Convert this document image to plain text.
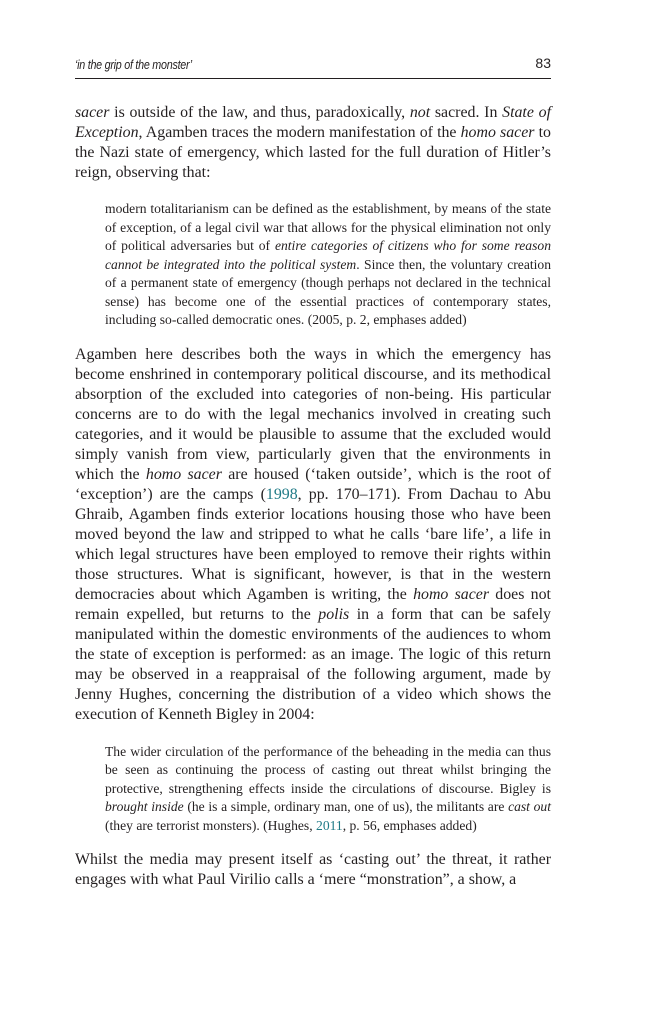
‘in the grip of the monster’	83

sacer is outside of the law, and thus, paradoxically, not sacred. In State of Exception, Agamben traces the modern manifestation of the homo sacer to the Nazi state of emergency, which lasted for the full duration of Hitler’s reign, observing that:

modern totalitarianism can be defined as the establishment, by means of the state of exception, of a legal civil war that allows for the physical elimination not only of political adversaries but of entire categories of citizens who for some reason cannot be integrated into the political system. Since then, the voluntary creation of a permanent state of emergency (though perhaps not declared in the technical sense) has become one of the essential practices of contemporary states, including so-called democratic ones. (2005, p. 2, emphases added)

Agamben here describes both the ways in which the emergency has become enshrined in contemporary political discourse, and its methodical absorption of the excluded into categories of non-being. His particular concerns are to do with the legal mechanics involved in creating such categories, and it would be plausible to assume that the excluded would simply vanish from view, particularly given that the environments in which the homo sacer are housed (‘taken outside’, which is the root of ‘exception’) are the camps (1998, pp. 170–171). From Dachau to Abu Ghraib, Agamben finds exterior locations housing those who have been moved beyond the law and stripped to what he calls ‘bare life’, a life in which legal structures have been employed to remove their rights within those structures. What is significant, however, is that in the western democracies about which Agamben is writing, the homo sacer does not remain expelled, but returns to the polis in a form that can be safely manipulated within the domestic environments of the audiences to whom the state of exception is performed: as an image. The logic of this return may be observed in a reappraisal of the following argument, made by Jenny Hughes, concerning the distribution of a video which shows the execution of Kenneth Bigley in 2004:

The wider circulation of the performance of the beheading in the media can thus be seen as continuing the process of casting out threat whilst bringing the protective, strengthening effects inside the circulations of discourse. Bigley is brought inside (he is a simple, ordinary man, one of us), the militants are cast out (they are terrorist monsters). (Hughes, 2011, p. 56, emphases added)

Whilst the media may present itself as ‘casting out’ the threat, it rather engages with what Paul Virilio calls a ‘mere “monstration”, a show, a
